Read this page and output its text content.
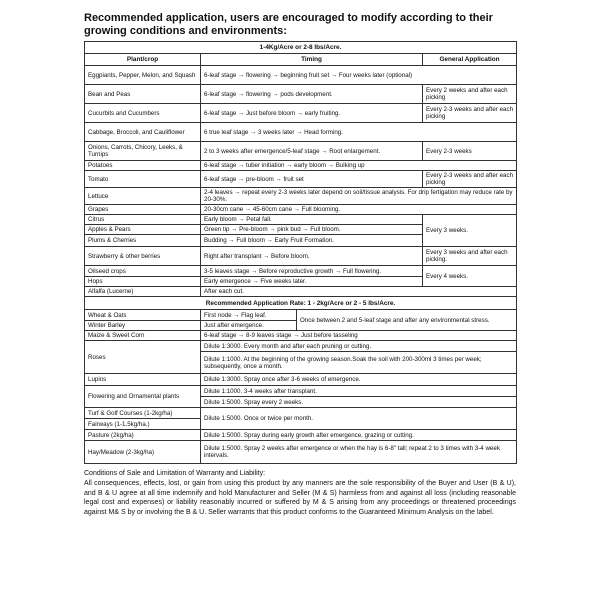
Recommended application, users are encouraged to modify according to their growing conditions and environments:
1-4Kg/Acre or 2-8 lbs/Acre.		
Plant/crop	Timing	General Application
Eggpiants, Pepper, Melon, and Squash	6-leaf stage → flowering → beginning fruit set → Four weeks later (optional)	
Bean and Peas	6-leaf stage → flowering → pods development.	Every 2 weeks and after each picking
Cucurbits and Cucumbers	6-leaf stage → Just before bloom → early fruiting.	Every 2-3 weeks and after each picking
Cabbage, Broccoli, and Cauliflower	6 true leaf stage → 3 weeks later → Head forming.	
Onions, Carrots, Chicory, Leeks, & Turnips	2 to 3 weeks after emergence/5-leaf stage → Root enlargement.	Every 2-3 weeks
Potatoes	6-leaf stage → tuber initiation → early bloom → Bulking up	
Tomato	6-leaf stage → pre-bloom → fruit set	Every 2-3 weeks and after each picking
Lettuce	2-4 leaves → repeat every 2-3 weeks later depend on soil/tissue analysis. For drip fertigation may reduce rate by 20-30%.	
Grapes	20-30cm cane → 45-60cm cane → Full blooming.	
Citrus	Early bloom → Petal fall.	Every 3 weeks.
Apples & Pears	Green tip → Pre-bloom → pink bud → Full bloom.	
Plums & Cherries	Budding → Full bloom → Early Fruit Formation.	
Strawberry & other berries	Right after transplant → Before bloom.	Every 3 weeks and after each picking.
Oilseed crops	3-5 leaves stage → Before reproductive growth → Full flowering.	Every 4 weeks.
Hops	Early emergence → Five weeks later.	
Alfalfa (Lucerne)	After each cut.	
Recommended Application Rate: 1 - 2kg/Acre or 2 - 5 lbs/Acre.		
Wheat & Oats	First node → Flag leaf.	Once between 2 and 5-leaf stage and after any environmental stress.
Winter Barley	Just after emergence.	
Maize & Sweet Corn	6-leaf stage → 8-9 leaves stage → Just before tasseling	
Roses	Dilute 1:3000. Every month and after each pruning or cutting.	
	Dilute 1:1000. At the beginning of the growing season.Soak the soil with 200-300ml 3 times per week; subsequently, once a month.	
Lupins	Dilute 1:3000. Spray once after 3-6 weeks of emergence.	
Flowering and Ornamental plants	Dilute 1:1000. 3-4 weeks after transplant.	
	Dilute 1:5000. Spray every 2 weeks.	
Turf & Golf Courses (1-2kg/ha)	Dilute 1:5000. Once or twice per month.	
Fairways (1-1.5kg/ha.)		
Pasture (2kg/ha)	Dilute 1:5000. Spray during early growth after emergence, grazing or cutting.	
Hay/Meadow (2-3kg/ha)	Dilute 1:5000. Spray 2 weeks after emergence or when the hay is 6-8" tall; repeat 2 to 3 times with 3-4 week intervals.	

Conditions of Sale and Limitation of Warranty and Liability:

All consequences, effects, lost, or gain from using this product by any manners are the sole responsibility of the Buyer and User (B & U), and B & U agree at all time indemnify and hold Manufacturer and Seller (M & S) harmless from and against all loss (including reasonable legal cost and expenses) or liability reasonably incurred or suffered by M & S arising from any proceedings or threatened proceedings against M& S by or involving the B & U. Seller warrants that this product conforms to the Guaranteed Minimum Analysis on the label.
